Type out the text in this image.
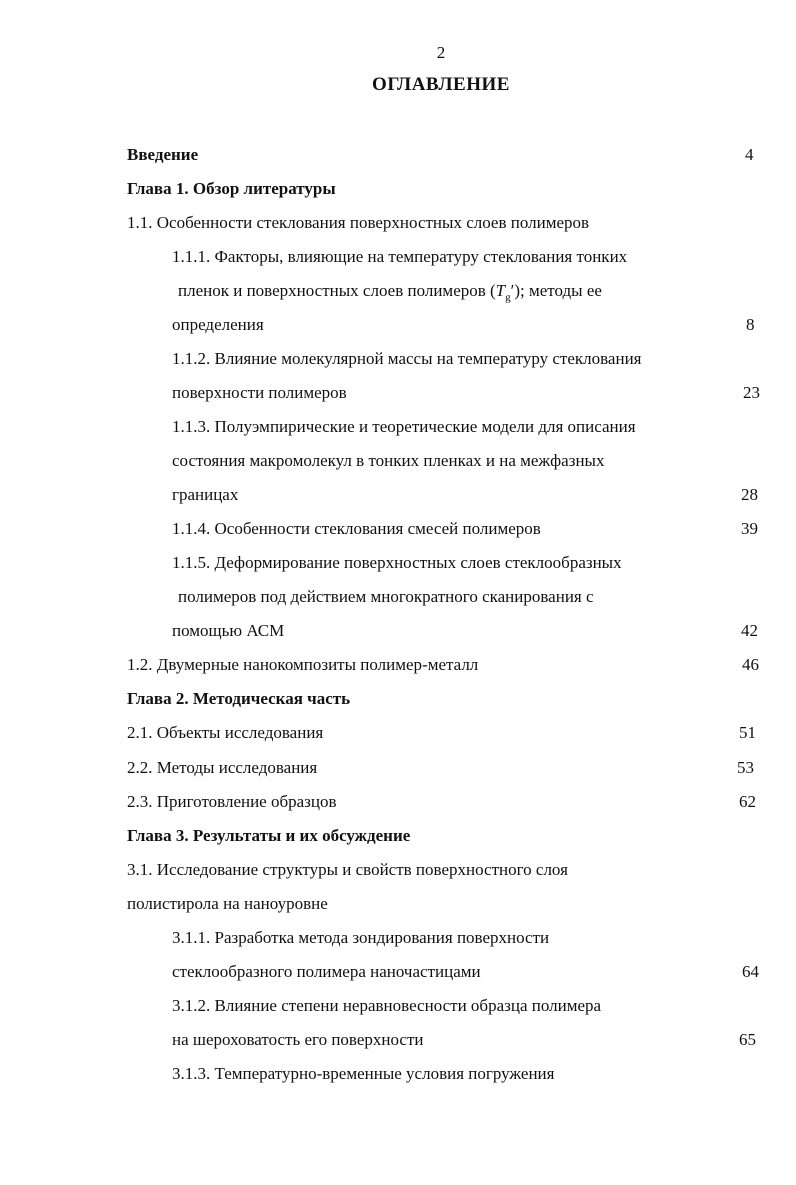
2
ОГЛАВЛЕНИЕ
Введение	4
Глава 1. Обзор литературы
1.1. Особенности стеклования поверхностных слоев полимеров
1.1.1. Факторы, влияющие на температуру стеклования тонких
пленок и поверхностных слоев полимеров $(T_g')$; методы ее
определения	8
1.1.2. Влияние молекулярной массы на температуру стеклования
поверхности полимеров	23
1.1.3. Полуэмпирические и теоретические модели для описания
состояния макромолекул в тонких пленках и на межфазных
границах	28
1.1.4. Особенности стеклования смесей полимеров	39
1.1.5. Деформирование поверхностных слоев стеклообразных
полимеров под действием многократного сканирования с
помощью АСМ	42
1.2. Двумерные нанокомпозиты полимер-металл	46
Глава 2. Методическая часть
2.1. Объекты исследования	51
2.2. Методы исследования	53
2.3. Приготовление образцов	62
Глава 3. Результаты и их обсуждение
3.1. Исследование структуры и свойств поверхностного слоя
полистирола на наноуровне
3.1.1. Разработка метода зондирования поверхности
стеклообразного полимера наночастицами	64
3.1.2. Влияние степени неравновесности образца полимера
на шероховатость его поверхности	65
3.1.3. Температурно-временные условия погружения
